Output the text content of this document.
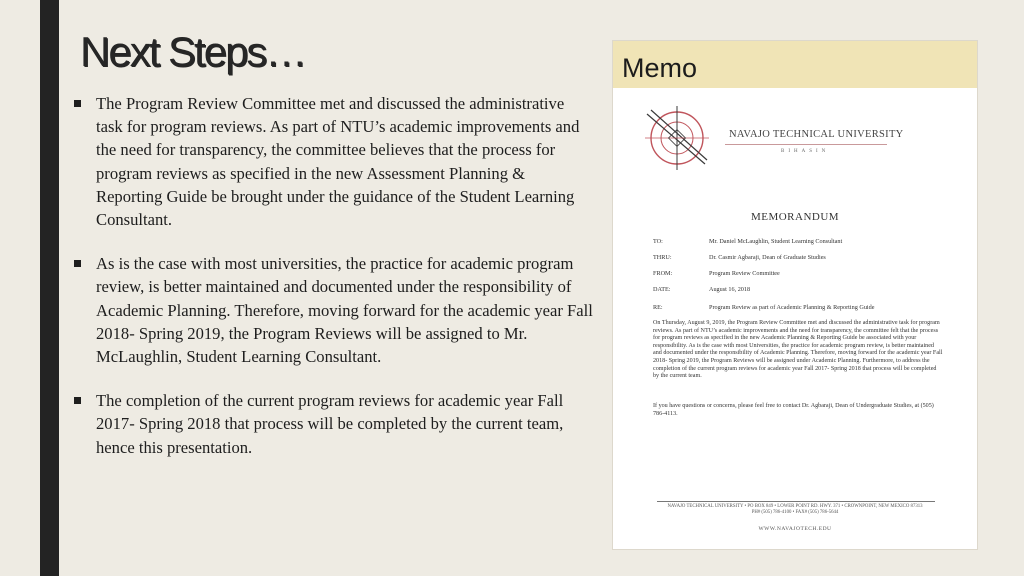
Next Steps…
The Program Review Committee met and discussed the administrative task for program reviews. As part of NTU’s academic improvements and the need for transparency, the committee believes that the process for program reviews as specified in the new Assessment Planning & Reporting Guide be brought under the guidance of the Student Learning Consultant.
As is the case with most universities, the practice for academic program review, is better maintained and documented under the responsibility of Academic Planning. Therefore, moving forward for the academic year Fall 2018- Spring 2019, the Program Reviews will be assigned to Mr. McLaughlin, Student Learning Consultant.
The completion of the current program reviews for academic year Fall 2017- Spring 2018 that process will be completed by the current team, hence this presentation.
Memo
NAVAJO TECHNICAL UNIVERSITY
BIHASIN
MEMORANDUM
TO:	Mr. Daniel McLaughlin, Student Learning Consultant
THRU:	Dr. Casmir Agbaraji, Dean of Graduate Studies
FROM:	Program Review Committee
DATE:	August 16, 2018
RE:	Program Review as part of Academic Planning & Reporting Guide

On Thursday, August 9, 2019, the Program Review Committee met and discussed the administrative task for program reviews. As part of NTU’s academic improvements and the need for transparency, the committee felt that the process for program reviews as specified in the new Academic Planning & Reporting Guide be associated with your responsibility. As is the case with most Universities, the practice for academic program review, is better maintained and documented under the responsibility of Academic Planning. Therefore, moving forward for the academic year Fall 2018- Spring 2019, the Program Reviews will be assigned under Academic Planning. Furthermore, to address the completion of the current program reviews for academic year Fall 2017- Spring 2018 that process will be completed by the current team.

If you have questions or concerns, please feel free to contact Dr. Agbaraji, Dean of Undergraduate Studies, at (505) 786-4113.

NAVAJO TECHNICAL UNIVERSITY • PO BOX 849 • LOWER POINT RD. HWY. 371 • CROWNPOINT, NEW MEXICO 87313
PH# (505) 786-4100 • FAX# (505) 786-5644
WWW.NAVAJOTECH.EDU
